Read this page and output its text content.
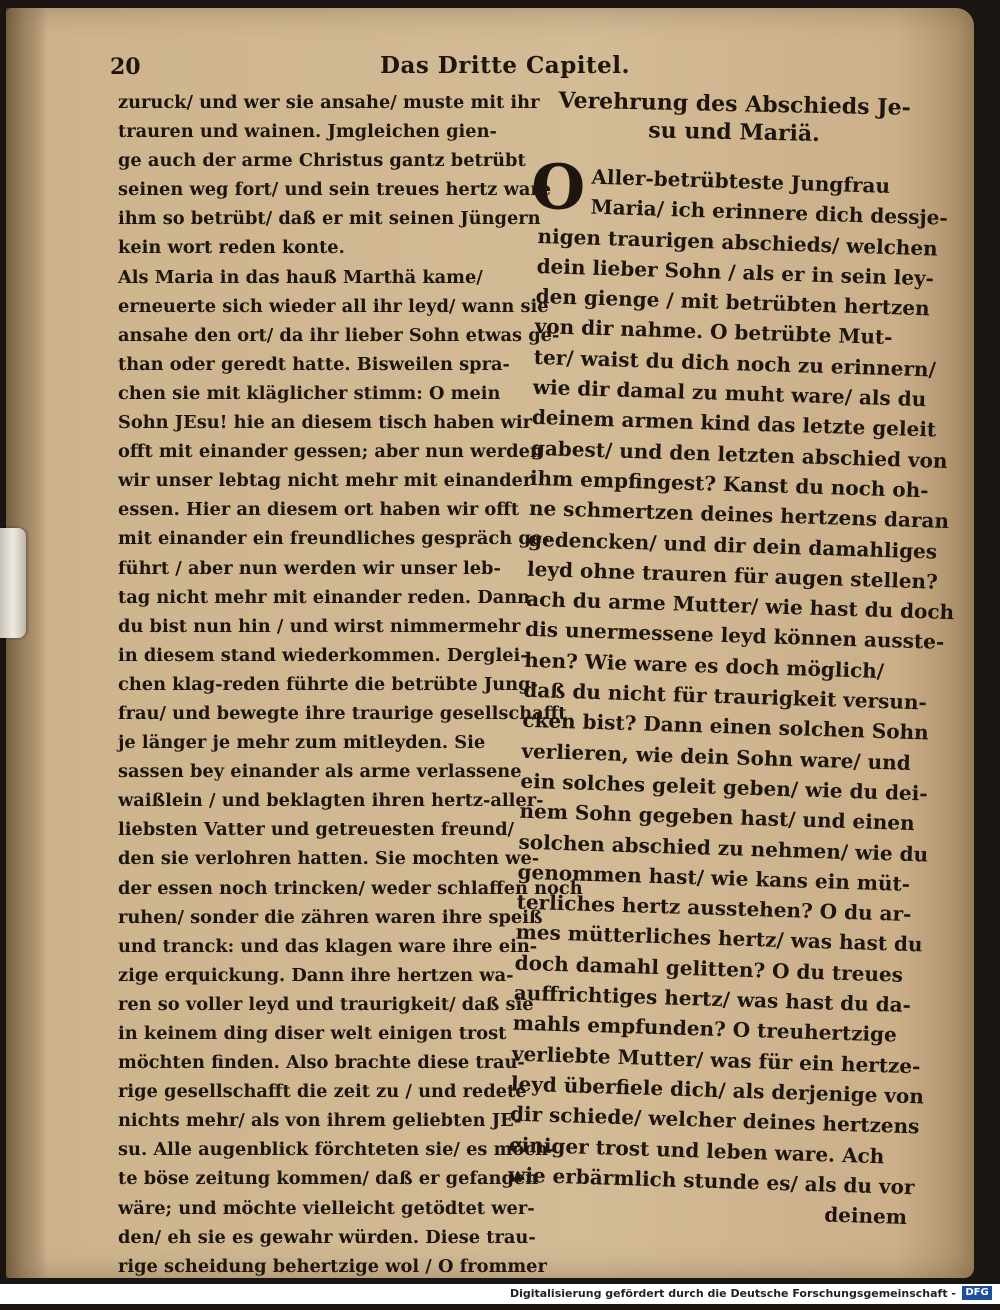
20	Das Dritte Capitel.
zuruck/ und wer sie ansahe/ muste mit ihr
trauren und wainen. Jmgleichen gien-
ge auch der arme Christus gantz betrübt
seinen weg fort/ und sein treues hertz ware
ihm so betrübt/ daß er mit seinen Jüngern
kein wort reden konte.
Als Maria in das hauß Marthä kame/
erneuerte sich wieder all ihr leyd/ wann sie
ansahe den ort/ da ihr lieber Sohn etwas ge-
than oder geredt hatte. Bisweilen spra-
chen sie mit kläglicher stimm: O mein
Sohn JEsu! hie an diesem tisch haben wir
offt mit einander gessen; aber nun werden
wir unser lebtag nicht mehr mit einander
essen. Hier an diesem ort haben wir offt
mit einander ein freundliches gespräch ge-
führt / aber nun werden wir unser leb-
tag nicht mehr mit einander reden. Dann
du bist nun hin / und wirst nimmermehr
in diesem stand wiederkommen. Derglei-
chen klag-reden führte die betrübte Jung-
frau/ und bewegte ihre traurige gesellschafft
je länger je mehr zum mitleyden. Sie
sassen bey einander als arme verlassene
waißlein / und beklagten ihren hertz-aller-
liebsten Vatter und getreuesten freund/
den sie verlohren hatten. Sie mochten we-
der essen noch trincken/ weder schlaffen noch
ruhen/ sonder die zähren waren ihre speiß
und tranck: und das klagen ware ihre ein-
zige erquickung. Dann ihre hertzen wa-
ren so voller leyd und traurigkeit/ daß sie
in keinem ding diser welt einigen trost
möchten finden. Also brachte diese trau-
rige gesellschafft die zeit zu / und redete
nichts mehr/ als von ihrem geliebten JE-
su. Alle augenblick förchteten sie/ es möch-
te böse zeitung kommen/ daß er gefangen
wäre; und möchte vielleicht getödtet wer-
den/ eh sie es gewahr würden. Diese trau-
rige scheidung behertzige wol / O frommer
Verehrung des Abschieds Je-
su und Mariä.
O Aller-betrübteste Jungfrau
Maria/ ich erinnere dich dessje-
nigen traurigen abschieds/ welchen
dein lieber Sohn / als er in sein ley-
den gienge / mit betrübten hertzen
von dir nahme. O betrübte Mut-
ter/ waist du dich noch zu erinnern/
wie dir damal zu muht ware/ als du
deinem armen kind das letzte geleit
gabest/ und den letzten abschied von
ihm empfingest? Kanst du noch oh-
ne schmertzen deines hertzens daran
gedencken/ und dir dein damahliges
leyd ohne trauren für augen stellen?
ach du arme Mutter/ wie hast du doch
dis unermessene leyd können ausste-
hen? Wie ware es doch möglich/
daß du nicht für traurigkeit versun-
cken bist? Dann einen solchen Sohn
verlieren, wie dein Sohn ware/ und
ein solches geleit geben/ wie du dei-
nem Sohn gegeben hast/ und einen
solchen abschied zu nehmen/ wie du
genommen hast/ wie kans ein müt-
terliches hertz ausstehen? O du ar-
mes mütterliches hertz/ was hast du
doch damahl gelitten? O du treues
auffrichtiges hertz/ was hast du da-
mahls empfunden? O treuhertzige
verliebte Mutter/ was für ein hertze-
leyd überfiele dich/ als derjenige von
dir schiede/ welcher deines hertzens
einiger trost und leben ware. Ach
wie erbärmlich stunde es/ als du vor
deinem
Digitalisierung gefördert durch die Deutsche Forschungsgemeinschaft - DFG
